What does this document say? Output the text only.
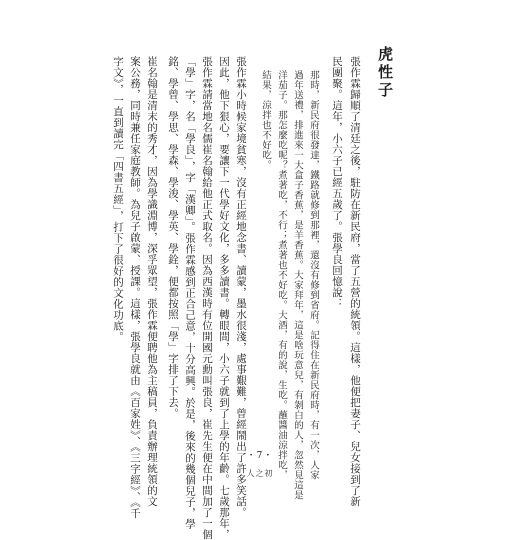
虎性子
張作霖歸順了清廷之後，駐防在新民府，當了五營的統領。這樣，他便把妻子、兒女接到了新
民團聚。這年，小六子已經五歲了。張學良回憶說：
那時，新民府很發達，鐵路就修到那裡，還沒有修到省府。記得住在新民府時，有一次，人家
過年送禮，排進來一大盒子香蕉，是羊香蕉。大家拜年，這是啥玩意兒，有剝白的人，忽然見這是
洋茄子。那怎麼吃呢？煮著吃，不行；煮著也不好吃。大酒，有的說，生吃。蘸醬油涼拌吃，
結果，涼拌也不好吃。
張作霖小時候家境貧寒，沒有正經地念書、讀蒙，墨水很淺，處事艱難，曾經鬧出了許多笑話。
因此，他下狠心，要讓下一代學好文化，多多讀書。轉眼間，小六子就到了上學的年齡。七歲那年，
張作霖請當地名儒崔名翰給他正式取名。因為西漢時有位開國元勳叫張良，崔先生便在中間加了一個
「學」字，名「學良」，字「漢卿」。張作霖感到正合己意，十分高興。於是，後來的幾個兒子，學
銘、學曾、學思、學森、學浚、學英、學銓，便都按照「學」字排了下去。
崔名翰是清末的秀才，因為學識淵博，深孚眾望，張作霖便聘他為主稿員，負責辦理統領的文
案公務，同時兼任家庭教師。為兒子啟蒙、授課。這樣，張學良就由《百家姓》、《三字經》、《千
字文》，一直到讀完「四書五經」，打下了很好的文化功底。
・7・
人之初
